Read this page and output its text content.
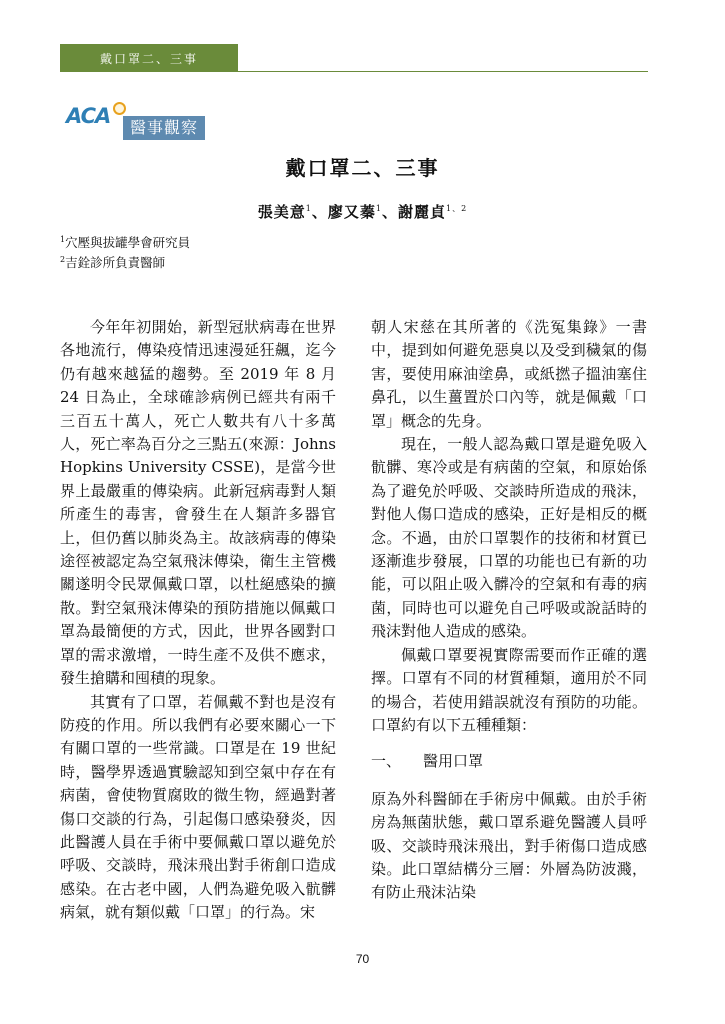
戴口罩二、三事
ACA	醫事觀察
戴口罩二、三事
張美意$^1$、廖又蓁$^1$、謝麗貞$^{1、2}$
$^1$穴壓與拔罐學會研究員
$^2$吉銓診所負責醫師

今年年初開始，新型冠狀病毒在世界各地流行，傳染疫情迅速漫延狂飆，迄今仍有越來越猛的趨勢。至 2019 年 8 月 24 日為止，全球確診病例已經共有兩千三百五十萬人，死亡人數共有八十多萬人，死亡率為百分之三點五(來源：Johns Hopkins University CSSE)，是當今世界上最嚴重的傳染病。此新冠病毒對人類所產生的毒害，會發生在人類許多器官上，但仍舊以肺炎為主。故該病毒的傳染途徑被認定為空氣飛沫傳染，衛生主管機關遂明令民眾佩戴口罩，以杜絕感染的擴散。對空氣飛沫傳染的預防措施以佩戴口罩為最簡便的方式，因此，世界各國對口罩的需求激增，一時生產不及供不應求，發生搶購和囤積的現象。

其實有了口罩，若佩戴不對也是沒有防疫的作用。所以我們有必要來關心一下有關口罩的一些常識。口罩是在 19 世紀時，醫學界透過實驗認知到空氣中存在有病菌，會使物質腐敗的微生物，經過對著傷口交談的行為，引起傷口感染發炎，因此醫護人員在手術中要佩戴口罩以避免於呼吸、交談時，飛沫飛出對手術創口造成感染。在古老中國，人們為避免吸入骯髒病氣，就有類似戴「口罩」的行為。宋

朝人宋慈在其所著的《洗冤集錄》一書中，提到如何避免惡臭以及受到穢氣的傷害，要使用麻油塗鼻，或紙撚子搵油塞住鼻孔，以生薑置於口內等，就是佩戴「口罩」概念的先身。

現在，一般人認為戴口罩是避免吸入骯髒、寒冷或是有病菌的空氣，和原始係為了避免於呼吸、交談時所造成的飛沫，對他人傷口造成的感染，正好是相反的概念。不過，由於口罩製作的技術和材質已逐漸進步發展，口罩的功能也已有新的功能，可以阻止吸入髒冷的空氣和有毒的病菌，同時也可以避免自己呼吸或說話時的飛沫對他人造成的感染。

佩戴口罩要視實際需要而作正確的選擇。口罩有不同的材質種類，適用於不同的場合，若使用錯誤就沒有預防的功能。口罩約有以下五種種類：

一、	醫用口罩

原為外科醫師在手術房中佩戴。由於手術房為無菌狀態，戴口罩系避免醫護人員呼吸、交談時飛沫飛出，對手術傷口造成感染。此口罩結構分三層：外層為防波濺，有防止飛沫沾染

70
